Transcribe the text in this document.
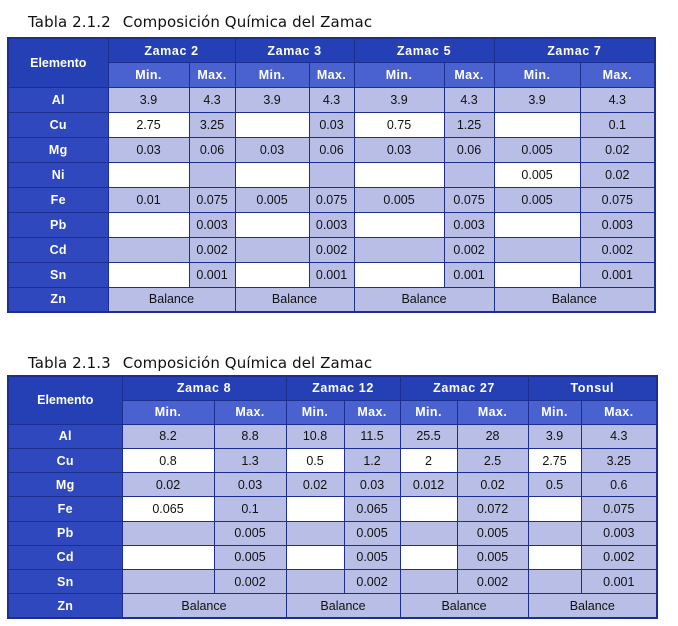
Tabla 2.1.2 Composición Química del Zamac
Elemento	Zamac 2		Zamac 3		Zamac 5		Zamac 7	
	Min.	Max.	Min.	Max.	Min.	Max.	Min.	Max.
Al	3.9	4.3	3.9	4.3	3.9	4.3	3.9	4.3
Cu	2.75	3.25		0.03	0.75	1.25		0.1
Mg	0.03	0.06	0.03	0.06	0.03	0.06	0.005	0.02
Ni							0.005	0.02
Fe	0.01	0.075	0.005	0.075	0.005	0.075	0.005	0.075
Pb		0.003		0.003		0.003		0.003
Cd		0.002		0.002		0.002		0.002
Sn		0.001		0.001		0.001		0.001
Zn	Balance		Balance		Balance		Balance	
Tabla 2.1.3 Composición Química del Zamac
Elemento	Zamac 8		Zamac 12		Zamac 27		Tonsul	
	Min.	Max.	Min.	Max.	Min.	Max.	Min.	Max.
Al	8.2	8.8	10.8	11.5	25.5	28	3.9	4.3
Cu	0.8	1.3	0.5	1.2	2	2.5	2.75	3.25
Mg	0.02	0.03	0.02	0.03	0.012	0.02	0.5	0.6
Fe	0.065	0.1		0.065		0.072		0.075
Pb		0.005		0.005		0.005		0.003
Cd		0.005		0.005		0.005		0.002
Sn		0.002		0.002		0.002		0.001
Zn	Balance		Balance		Balance		Balance	
